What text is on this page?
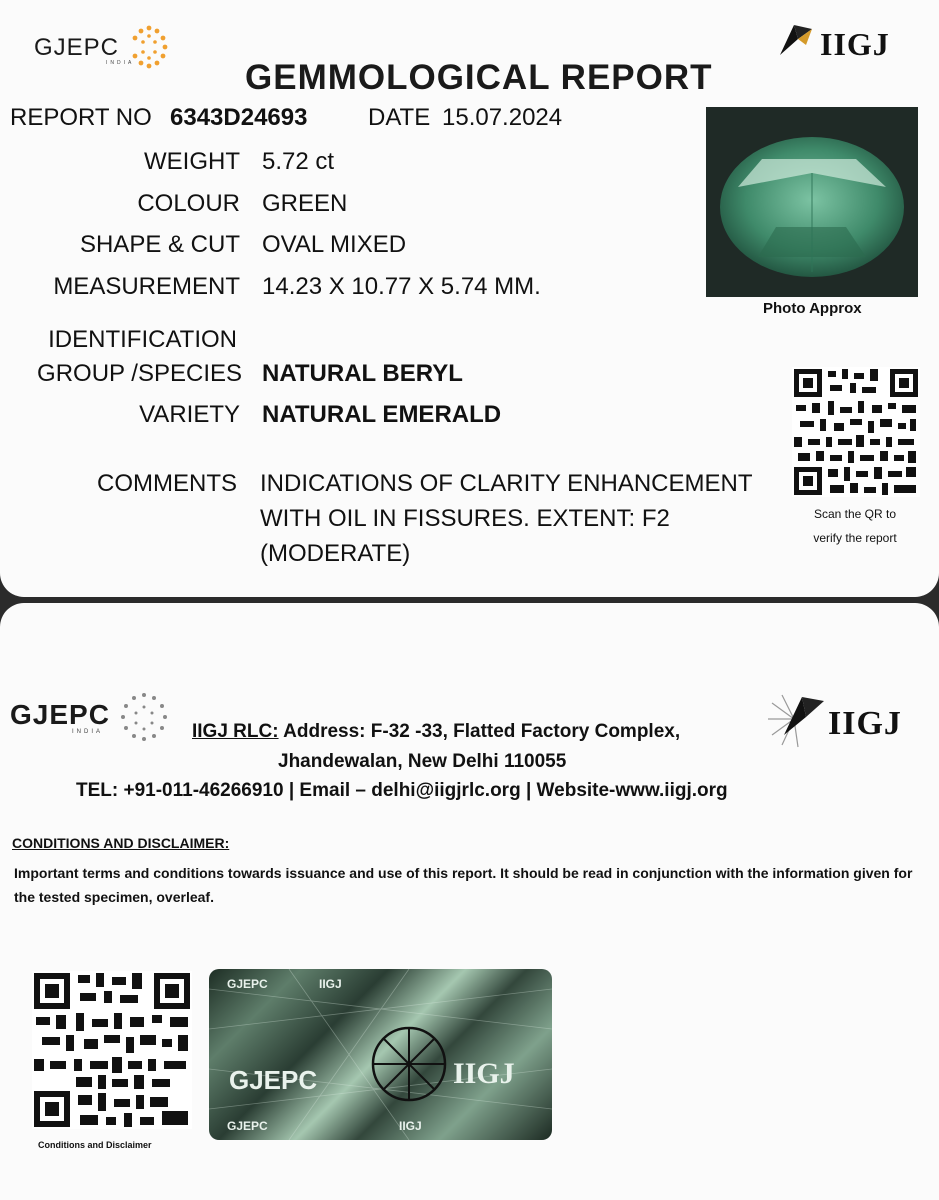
GJEPC
INDIA
IIGJ
GEMMOLOGICAL REPORT
REPORT NO 6343D24693	DATE 15.07.2024
WEIGHT 5.72 ct
COLOUR GREEN
SHAPE & CUT OVAL MIXED
MEASUREMENT 14.23 X 10.77 X 5.74 MM.
IDENTIFICATION
GROUP /SPECIES NATURAL BERYL
VARIETY NATURAL EMERALD
COMMENTS INDICATIONS OF CLARITY ENHANCEMENT
WITH OIL IN FISSURES. EXTENT: F2
(MODERATE)
Photo Approx
Scan the QR to
verify the report
GJEPC
INDIA	IIGJ
IIGJ RLC: Address: F-32 -33, Flatted Factory Complex,
Jhandewalan, New Delhi 110055
TEL: +91-011-46266910 | Email – delhi@iigjrlc.org | Website-www.iigj.org
CONDITIONS AND DISCLAIMER:
Important terms and conditions towards issuance and use of this report. It should be read in conjunction with the information given for the tested specimen, overleaf.
Conditions and Disclaimer
GJEPC	IIGJ
GJEPC	IIGJ
GJEPC	IIGJ
